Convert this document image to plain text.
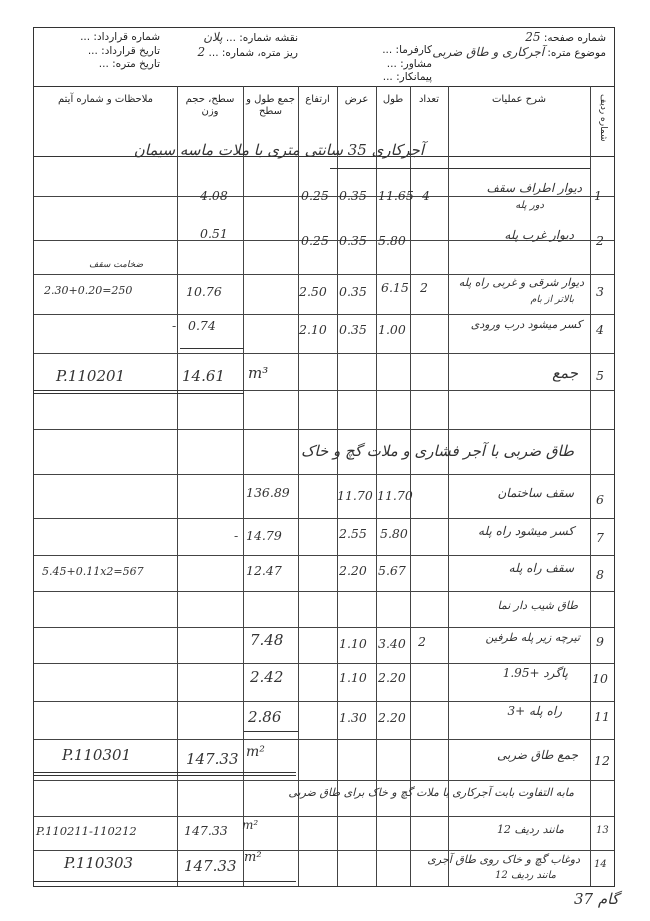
شماره صفحه: 25
موضوع متره: آجرکاری و طاق ضربی
کارفرما: ...
مشاور: ...
پیمانکار: ...
نقشه شماره: ... پلان
ریز متره، شماره: ... 2
شماره قرارداد: ...
تاریخ قرارداد: ...
تاریخ متره: ...
شماره ردیف
شرح عملیات
تعداد
طول
عرض
ارتفاع
جمع طول و سطح
سطح، حجم وزن
ملاحظات و شماره آیتم
آجرکاری 35 سانتی متری با ملات ماسه سیمان
1
دیوار اطراف سقف
دور پله
4
11.65
0.35
0.25
4.08
2
دیوار غرب پله
5.80
0.35
0.25
0.51
3
دیوار شرقی و غربی راه پله
بالاتر از بام
2
6.15
0.35
2.50
10.76
ضخامت سقف
2.30+0.20=250
4
کسر میشود درب ورودی
1.00
0.35
2.10
- 0.74
5
جمع
14.61 m³
P.110201
طاق ضربی با آجر فشاری و ملات گچ و خاک
6
سقف ساختمان
11.70
11.70
136.89
7
کسر میشود راه پله
5.80
2.55
- 14.79
8
سقف راه پله
5.67
2.20
12.47
5.45+0.11x2=567
طاق شیب دار نما
9
تیرچه زیر پله طرفین
2
3.40
1.10
7.48
10
پاگرد +1.95
2.20
1.10
2.42
11
راه پله +3
2.20
1.30
2.86
12
جمع طاق ضربی
147.33 m²
P.110301
مابه التفاوت بابت آجرکاری با ملات گچ و خاک برای طاق ضربی
13
مانند ردیف 12
147.33 m²
P.110211-110212
14
دوغاب گچ و خاک روی طاق آجری
مانند ردیف 12
147.33 m²
P.110303
37 گام
